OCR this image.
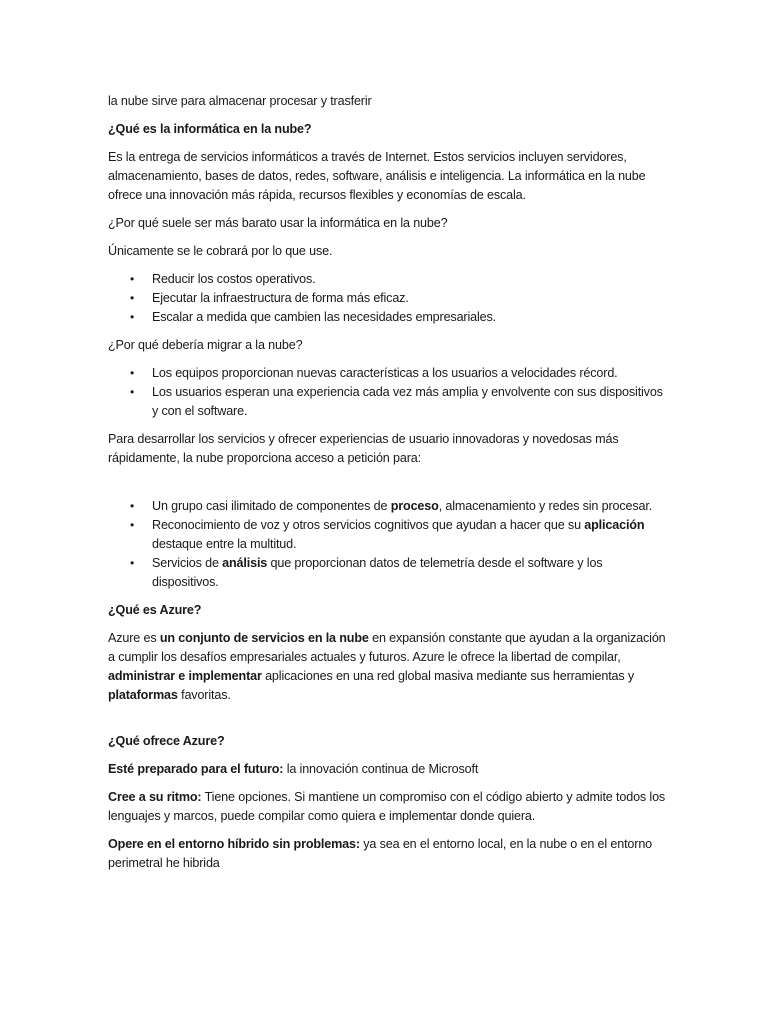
la nube sirve para almacenar procesar y trasferir

¿Qué es la informática en la nube?

Es la entrega de servicios informáticos a través de Internet. Estos servicios incluyen servidores, almacenamiento, bases de datos, redes, software, análisis e inteligencia. La informática en la nube ofrece una innovación más rápida, recursos flexibles y economías de escala.

¿Por qué suele ser más barato usar la informática en la nube?

Únicamente se le cobrará por lo que use.

• Reducir los costos operativos.
• Ejecutar la infraestructura de forma más eficaz.
• Escalar a medida que cambien las necesidades empresariales.

¿Por qué debería migrar a la nube?

• Los equipos proporcionan nuevas características a los usuarios a velocidades récord.
• Los usuarios esperan una experiencia cada vez más amplia y envolvente con sus dispositivos y con el software.

Para desarrollar los servicios y ofrecer experiencias de usuario innovadoras y novedosas más rápidamente, la nube proporciona acceso a petición para:

• Un grupo casi ilimitado de componentes de proceso, almacenamiento y redes sin procesar.
• Reconocimiento de voz y otros servicios cognitivos que ayudan a hacer que su aplicación destaque entre la multitud.
• Servicios de análisis que proporcionan datos de telemetría desde el software y los dispositivos.

¿Qué es Azure?

Azure es un conjunto de servicios en la nube en expansión constante que ayudan a la organización a cumplir los desafíos empresariales actuales y futuros. Azure le ofrece la libertad de compilar, administrar e implementar aplicaciones en una red global masiva mediante sus herramientas y plataformas favoritas.

¿Qué ofrece Azure?

Esté preparado para el futuro: la innovación continua de Microsoft

Cree a su ritmo: Tiene opciones. Si mantiene un compromiso con el código abierto y admite todos los lenguajes y marcos, puede compilar como quiera e implementar donde quiera.

Opere en el entorno híbrido sin problemas: ya sea en el entorno local, en la nube o en el entorno perimetral he hibrida
